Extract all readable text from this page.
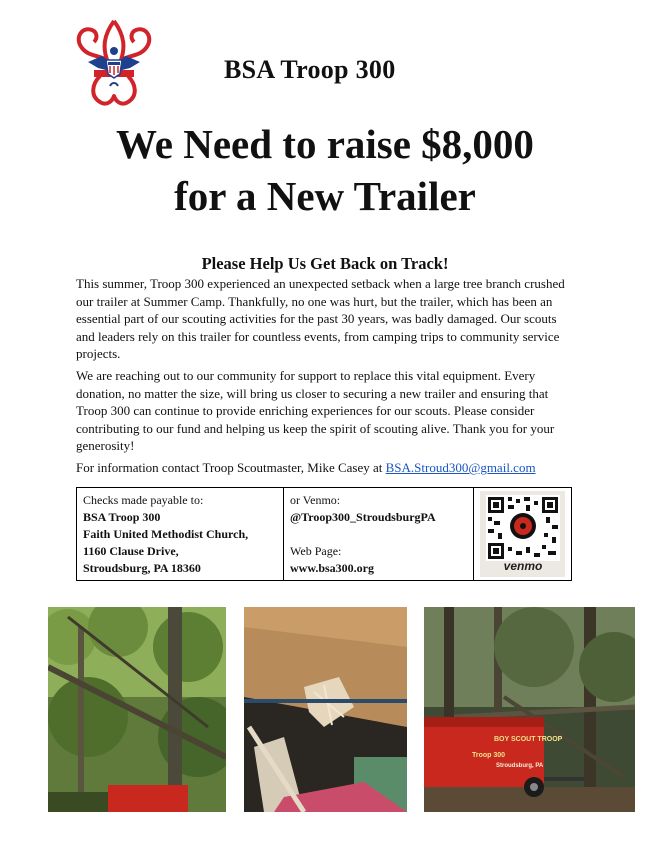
BSA Troop 300
We Need to raise $8,000
for a New Trailer
Please Help Us Get Back on Track!
This summer, Troop 300 experienced an unexpected setback when a large tree branch crushed our trailer at Summer Camp. Thankfully, no one was hurt, but the trailer, which has been an essential part of our scouting activities for the past 30 years, was badly damaged. Our scouts and leaders rely on this trailer for countless events, from camping trips to community service projects.
We are reaching out to our community for support to replace this vital equipment. Every donation, no matter the size, will bring us closer to securing a new trailer and ensuring that Troop 300 can continue to provide enriching experiences for our scouts. Please consider contributing to our fund and helping us keep the spirit of scouting alive. Thank you for your generosity!
For information contact Troop Scoutmaster, Mike Casey at BSA.Stroud300@gmail.com
Checks made payable to:
BSA Troop 300
Faith United Methodist Church,
1160 Clause Drive,
Stroudsburg, PA 18360
or Venmo:
@Troop300_StroudsburgPA
Web Page:
www.bsa300.org	venmo
BOY SCOUT TROOP
Troop 300
Stroudsburg, PA
